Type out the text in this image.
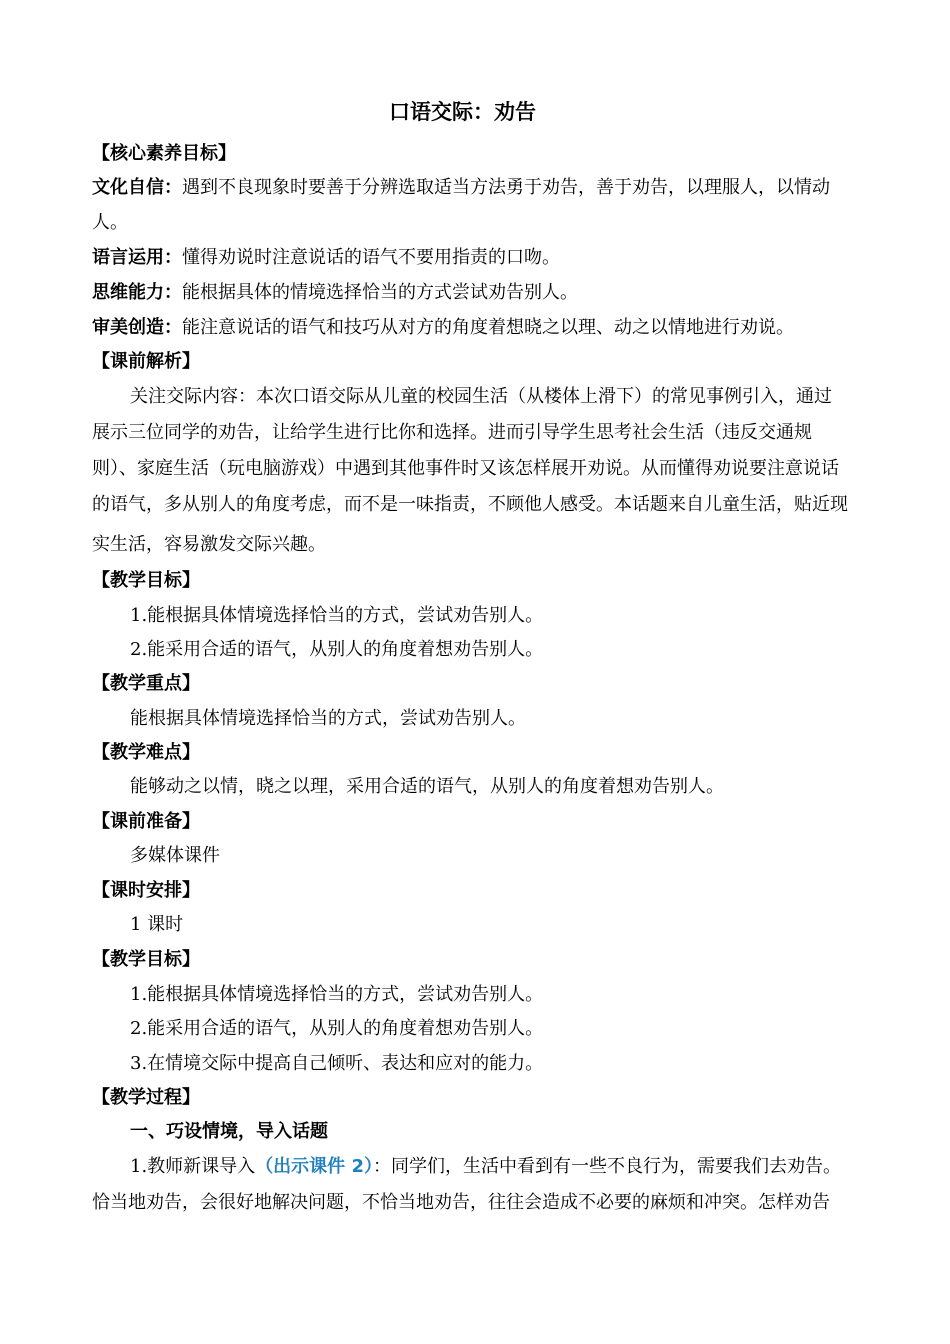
口语交际：劝告
【核心素养目标】
文化自信：遇到不良现象时要善于分辨选取适当方法勇于劝告，善于劝告，以理服人，以情动
人。
语言运用：懂得劝说时注意说话的语气不要用指责的口吻。
思维能力：能根据具体的情境选择恰当的方式尝试劝告别人。
审美创造：能注意说话的语气和技巧从对方的角度着想晓之以理、动之以情地进行劝说。
【课前解析】
关注交际内容：本次口语交际从儿童的校园生活（从楼体上滑下）的常见事例引入，通过
展示三位同学的劝告，让给学生进行比你和选择。进而引导学生思考社会生活（违反交通规
则）、家庭生活（玩电脑游戏）中遇到其他事件时又该怎样展开劝说。从而懂得劝说要注意说话
的语气，多从别人的角度考虑，而不是一味指责，不顾他人感受。本话题来自儿童生活，贴近现
实生活，容易激发交际兴趣。
【教学目标】
1.能根据具体情境选择恰当的方式，尝试劝告别人。
2.能采用合适的语气，从别人的角度着想劝告别人。
【教学重点】
能根据具体情境选择恰当的方式，尝试劝告别人。
【教学难点】
能够动之以情，晓之以理，采用合适的语气，从别人的角度着想劝告别人。
【课前准备】
多媒体课件
【课时安排】
1 课时
【教学目标】
1.能根据具体情境选择恰当的方式，尝试劝告别人。
2.能采用合适的语气，从别人的角度着想劝告别人。
3.在情境交际中提高自己倾听、表达和应对的能力。
【教学过程】
一、巧设情境，导入话题
1.教师新课导入（出示课件 2）：同学们，生活中看到有一些不良行为，需要我们去劝告。
恰当地劝告，会很好地解决问题，不恰当地劝告，往往会造成不必要的麻烦和冲突。怎样劝告
